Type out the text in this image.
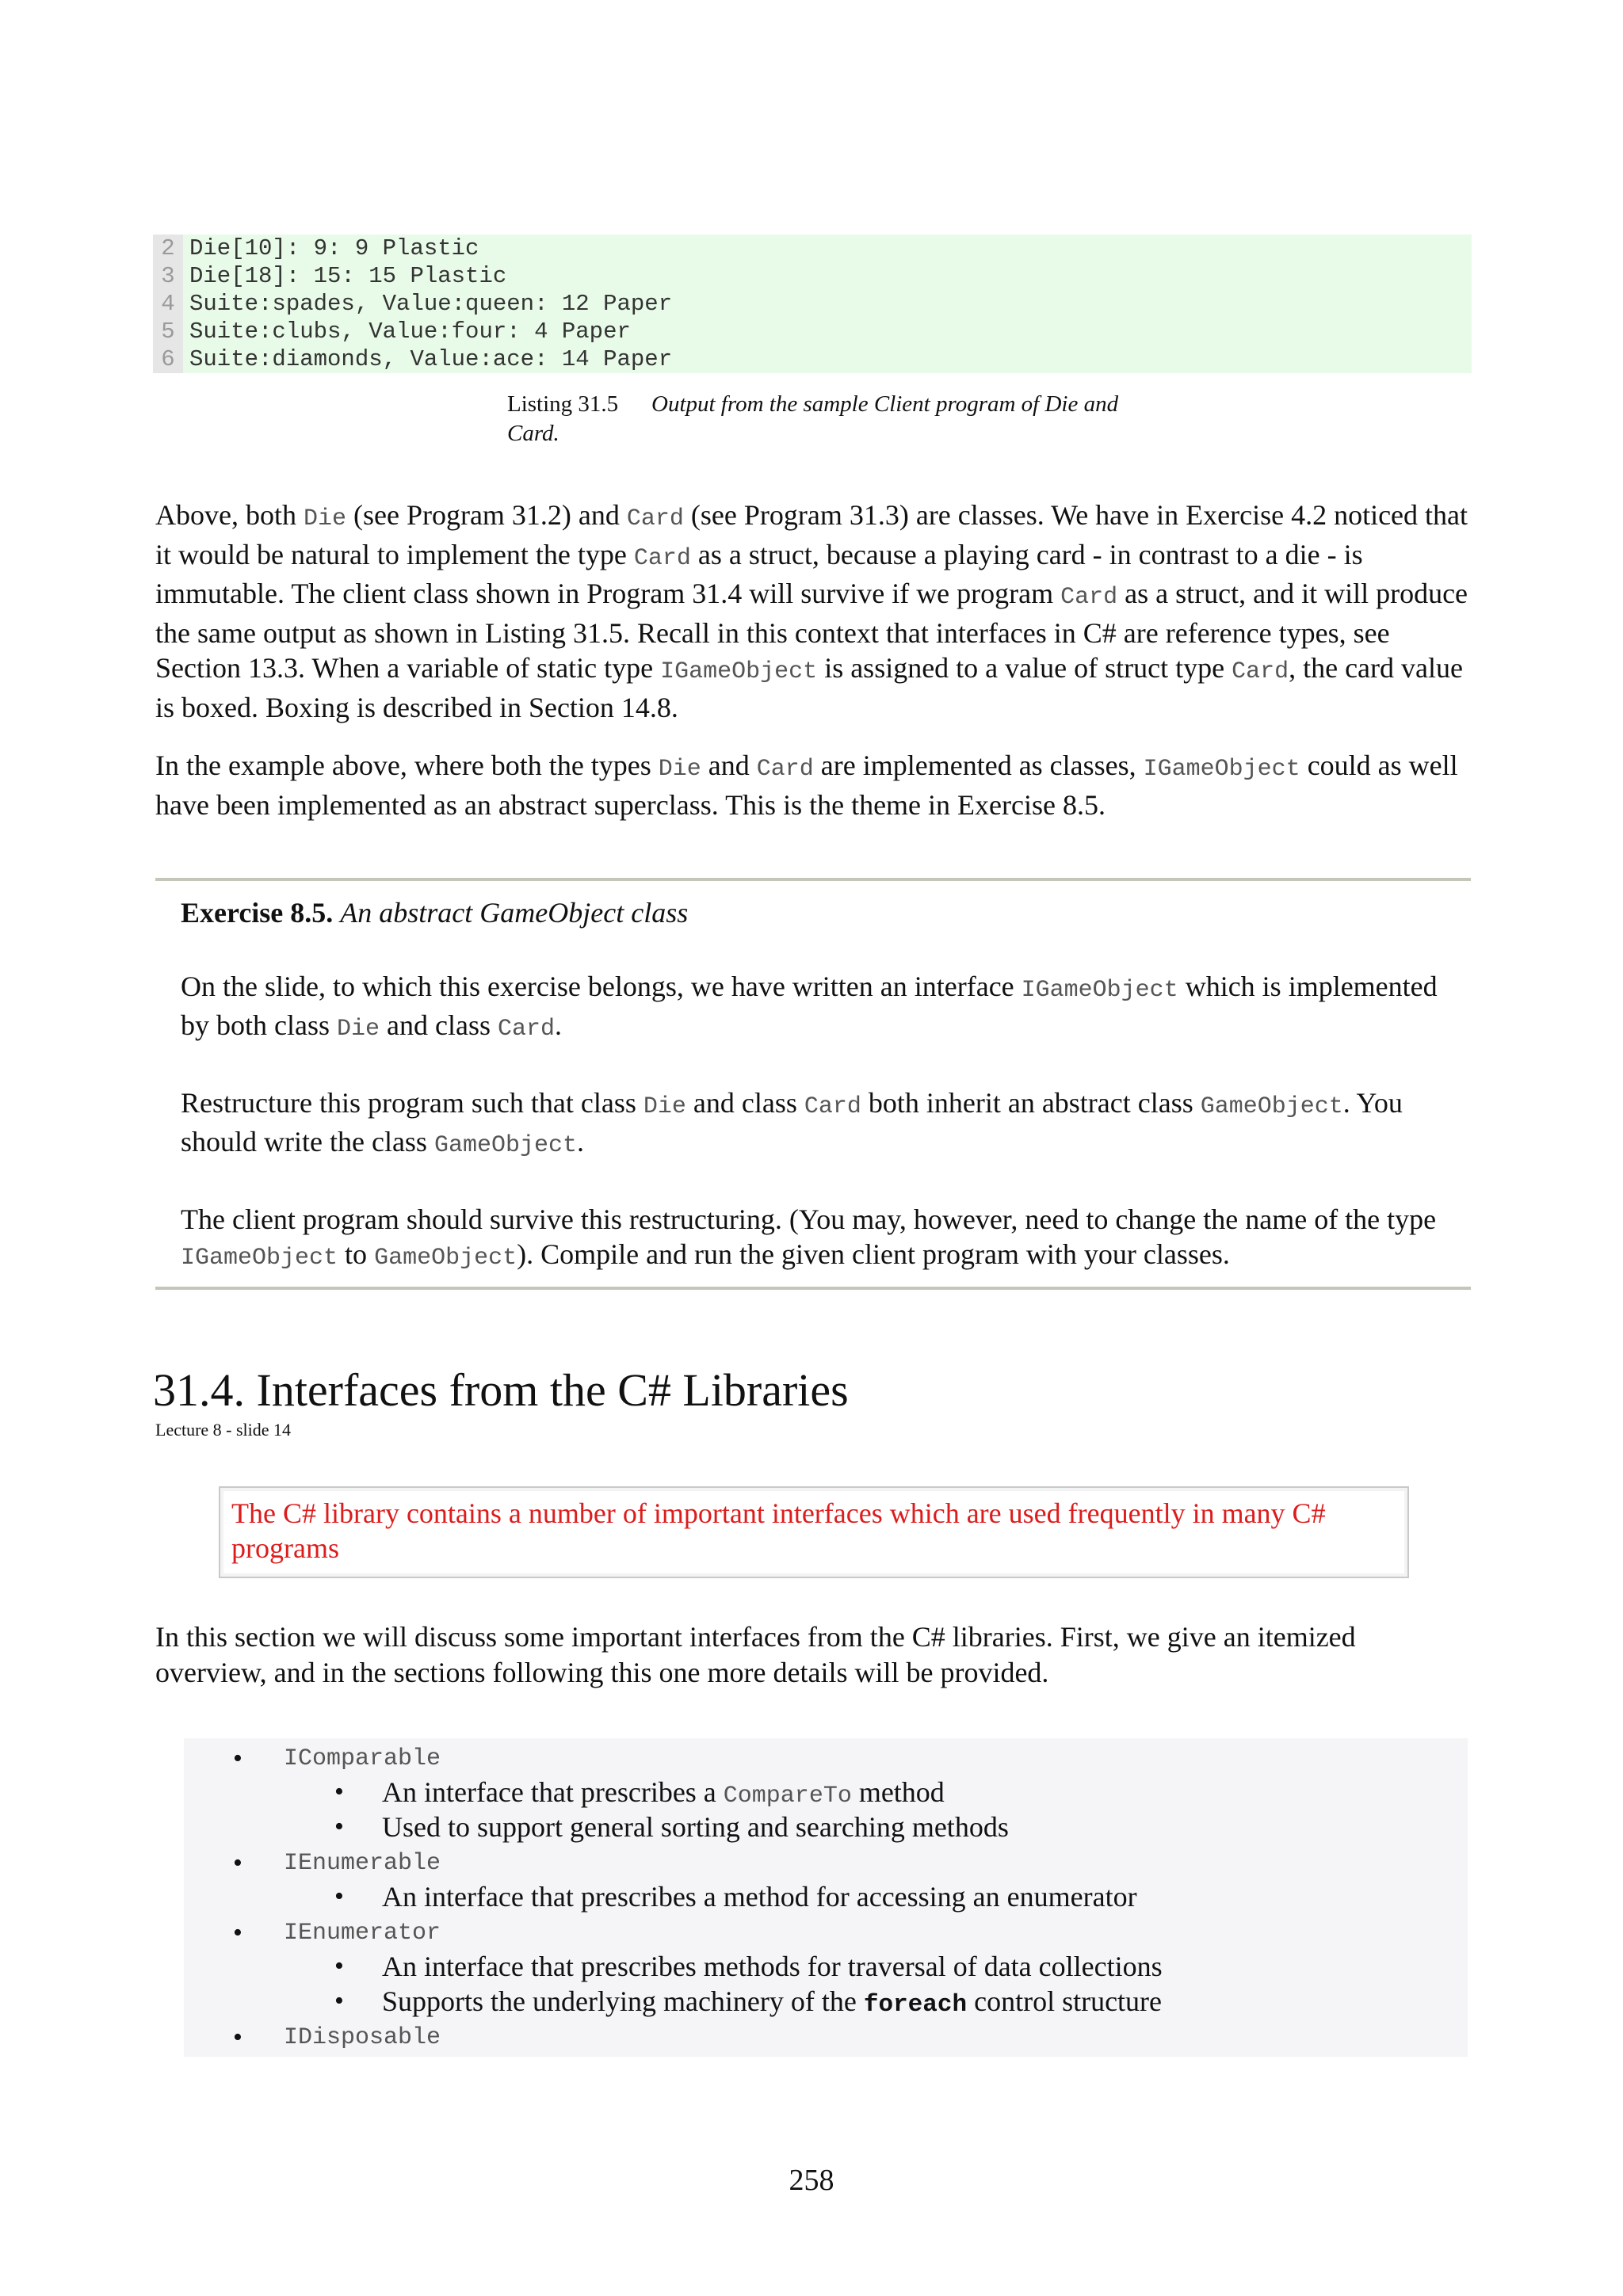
2 Die[10]: 9: 9 Plastic
3 Die[18]: 15: 15 Plastic
4 Suite:spades, Value:queen: 12 Paper
5 Suite:clubs, Value:four: 4 Paper
6 Suite:diamonds, Value:ace: 14 Paper
Listing 31.5 Output from the sample Client program of Die and Card.

Above, both Die (see Program 31.2) and Card (see Program 31.3) are classes. We have in Exercise 4.2 noticed that it would be natural to implement the type Card as a struct, because a playing card - in contrast to a die - is immutable. The client class shown in Program 31.4 will survive if we program Card as a struct, and it will produce the same output as shown in Listing 31.5. Recall in this context that interfaces in C# are reference types, see Section 13.3. When a variable of static type IGameObject is assigned to a value of struct type Card, the card value is boxed. Boxing is described in Section 14.8.

In the example above, where both the types Die and Card are implemented as classes, IGameObject could as well have been implemented as an abstract superclass. This is the theme in Exercise 8.5.

Exercise 8.5. An abstract GameObject class

On the slide, to which this exercise belongs, we have written an interface IGameObject which is implemented by both class Die and class Card.

Restructure this program such that class Die and class Card both inherit an abstract class GameObject. You should write the class GameObject.

The client program should survive this restructuring. (You may, however, need to change the name of the type IGameObject to GameObject). Compile and run the given client program with your classes.

31.4. Interfaces from the C# Libraries
Lecture 8 - slide 14
The C# library contains a number of important interfaces which are used frequently in many C# programs

In this section we will discuss some important interfaces from the C# libraries. First, we give an itemized overview, and in the sections following this one more details will be provided.

• IComparable
• An interface that prescribes a CompareTo method
• Used to support general sorting and searching methods
• IEnumerable
• An interface that prescribes a method for accessing an enumerator
• IEnumerator
• An interface that prescribes methods for traversal of data collections
• Supports the underlying machinery of the foreach control structure
• IDisposable
258
